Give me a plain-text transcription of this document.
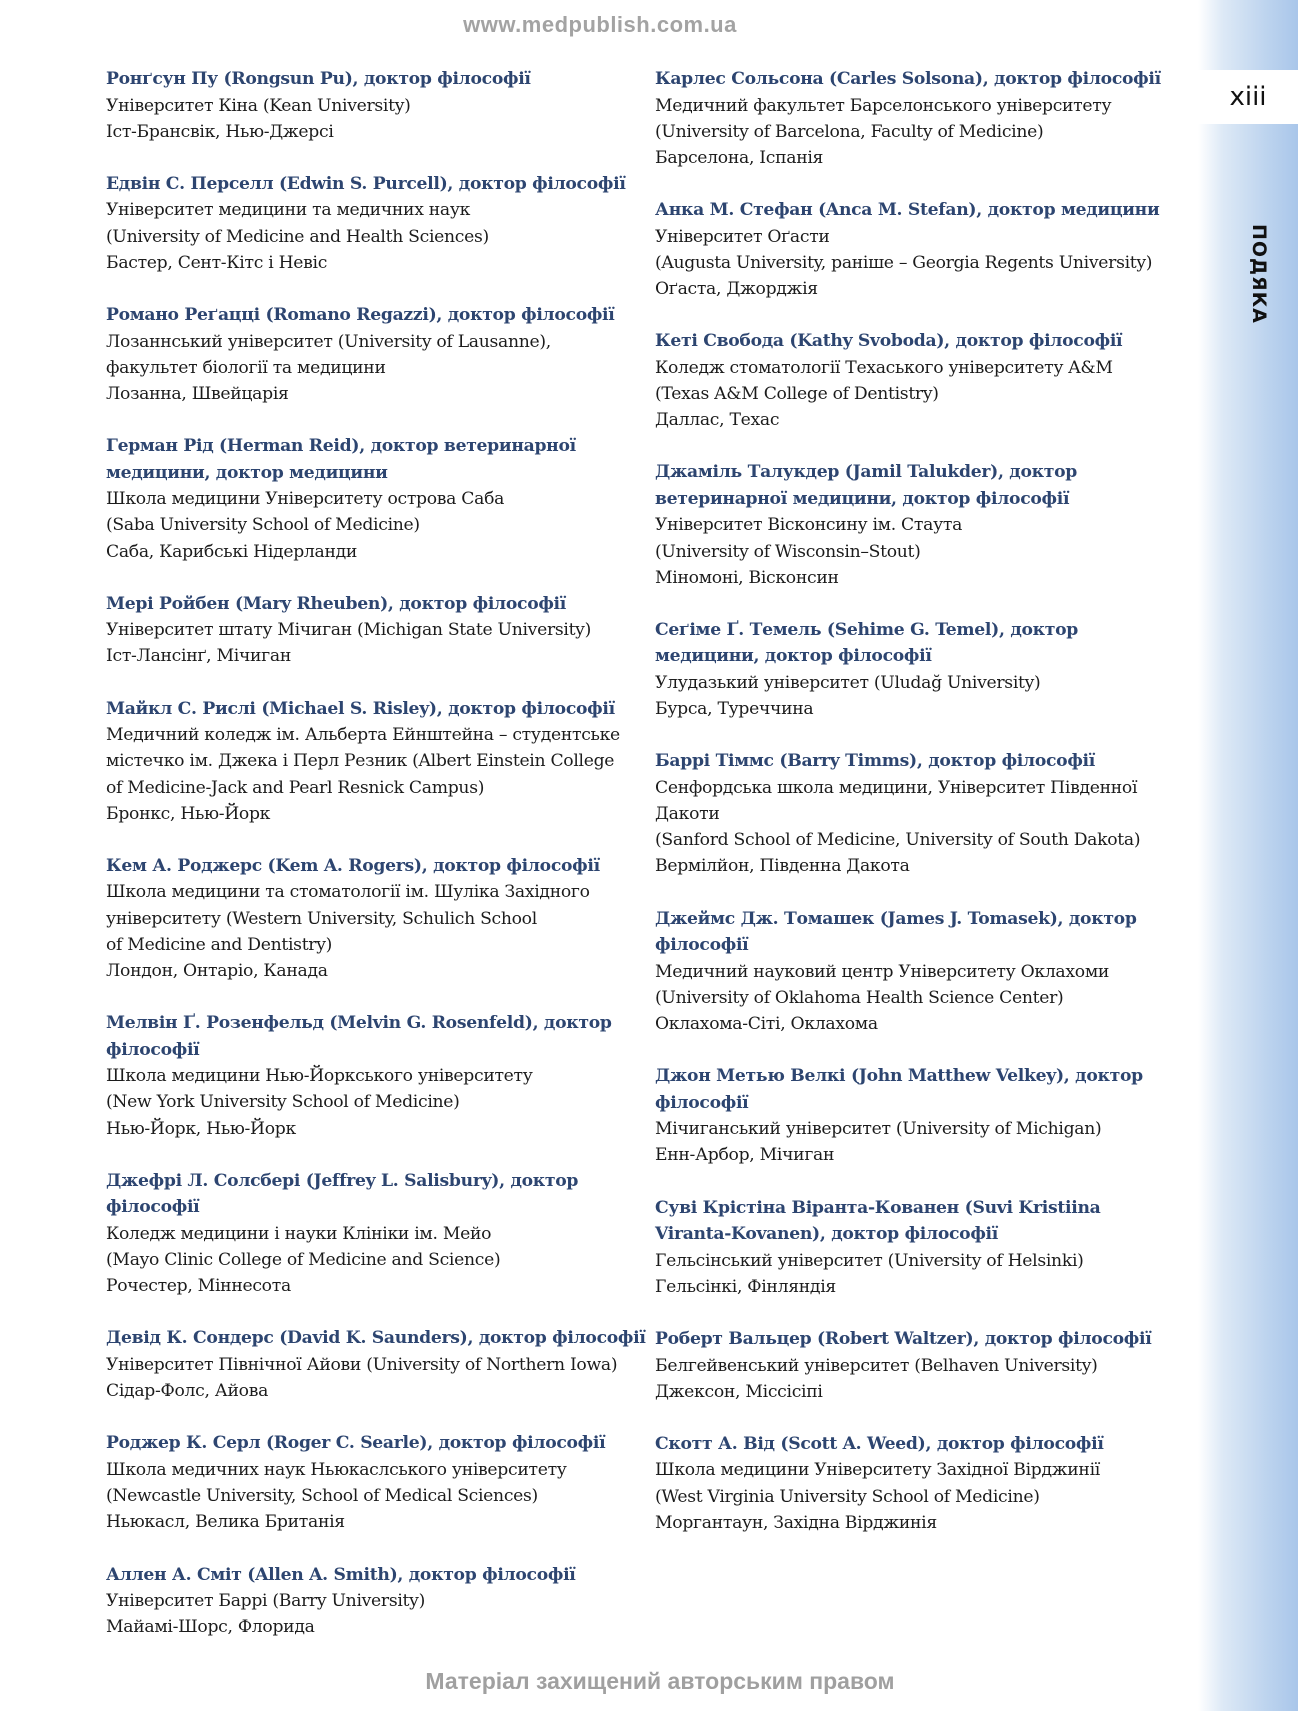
www.medpublish.com.ua
xiii
ПОДЯКА
Ронґсун Пу (Rongsun Pu), доктор філософії
Університет Кіна (Kean University)
Іст-Бpансвік, Нью-Джерсі
Едвін С. Перселл (Edwin S. Purcell), доктор філософії
Університет медицини та медичних наук
(University of Medicine and Health Sciences)
Бастер, Сент-Кітс і Невіс
Романо Реґацці (Romano Regazzi), доктор філософії
Лозаннський університет (University of Lausanne),
факультет біології та медицини
Лозанна, Швейцарія
Герман Рід (Herman Reid), доктор ветеринарної медицини, доктор медицини
Школа медицини Університету острова Саба
(Saba University School of Medicine)
Саба, Карибські Нідерланди
Мері Ройбен (Mary Rheuben), доктор філософії
Університет штату Мічиган (Michigan State University)
Іст-Лансінґ, Мічиган
Майкл С. Рислі (Michael S. Risley), доктор філософії
Медичний коледж ім. Альберта Ейнштейна – студентське
містечко ім. Джека і Перл Резник (Albert Einstein College
of Medicine-Jack and Pearl Resnick Campus)
Бронкс, Нью-Йорк
Кем А. Роджерс (Kem A. Rogers), доктор філософії
Школа медицини та стоматології ім. Шуліка Західного
університету (Western University, Schulich School
of Medicine and Dentistry)
Лондон, Онтаріо, Канада
Мелвін Ґ. Розенфельд (Melvin G. Rosenfeld), доктор філософії
Школа медицини Нью-Йоркського університету
(New York University School of Medicine)
Нью-Йорк, Нью-Йорк
Джефрі Л. Солсбері (Jeffrey L. Salisbury), доктор філософії
Коледж медицини і науки Клініки ім. Мейо
(Mayo Clinic College of Medicine and Science)
Рочестер, Міннесота
Девід К. Сондерс (David K. Saunders), доктор філософії
Університет Північної Айови (University of Northern Iowa)
Сідар-Фолс, Айова
Роджер К. Серл (Roger C. Searle), доктор філософії
Школа медичних наук Ньюкаслського університету
(Newcastle University, School of Medical Sciences)
Ньюкасл, Велика Британія
Аллен А. Сміт (Allen A. Smith), доктор філософії
Університет Баррі (Barry University)
Майамі-Шорс, Флорида
Карлес Сольсона (Carles Solsona), доктор філософії
Медичний факультет Барселонського університету
(University of Barcelona, Faculty of Medicine)
Барселона, Іспанія
Анка М. Стефан (Anca M. Stefan), доктор медицини
Університет Оґасти
(Augusta University, раніше – Georgia Regents University)
Оґаста, Джорджія
Кеті Свобода (Kathy Svoboda), доктор філософії
Коледж стоматології Техаського університету A&M
(Texas A&M College of Dentistry)
Даллас, Техас
Джаміль Талукдер (Jamil Talukder), доктор ветеринарної медицини, доктор філософії
Університет Вісконсину ім. Стаута
(University of Wisconsin–Stout)
Міномоні, Вісконсин
Сеґіме Ґ. Темель (Sehime G. Temel), доктор медицини, доктор філософії
Улудазький університет (Uludağ University)
Бурса, Туреччина
Баррі Тіммс (Barry Timms), доктор філософії
Сенфордська школа медицини, Університет Південної
Дакоти
(Sanford School of Medicine, University of South Dakota)
Вермілйон, Південна Дакота
Джеймс Дж. Томашек (James J. Tomasek), доктор філософії
Медичний науковий центр Університету Оклахоми
(University of Oklahoma Health Science Center)
Оклахома-Сіті, Оклахома
Джон Метью Велкі (John Matthew Velkey), доктор філософії
Мічиганський університет (University of Michigan)
Енн-Арбор, Мічиган
Суві Крістіна Віранта-Кованен (Suvi Kristiina Viranta-Kovanen), доктор філософії
Гельсінський університет (University of Helsinki)
Гельсінкі, Фінляндія
Роберт Вальцер (Robert Waltzer), доктор філософії
Белгейвенський університет (Belhaven University)
Джексон, Міссісіпі
Скотт А. Від (Scott A. Weed), доктор філософії
Школа медицини Університету Західної Вірджинії
(West Virginia University School of Medicine)
Моргантаун, Західна Вірджинія
Матеріал захищений авторським правом
